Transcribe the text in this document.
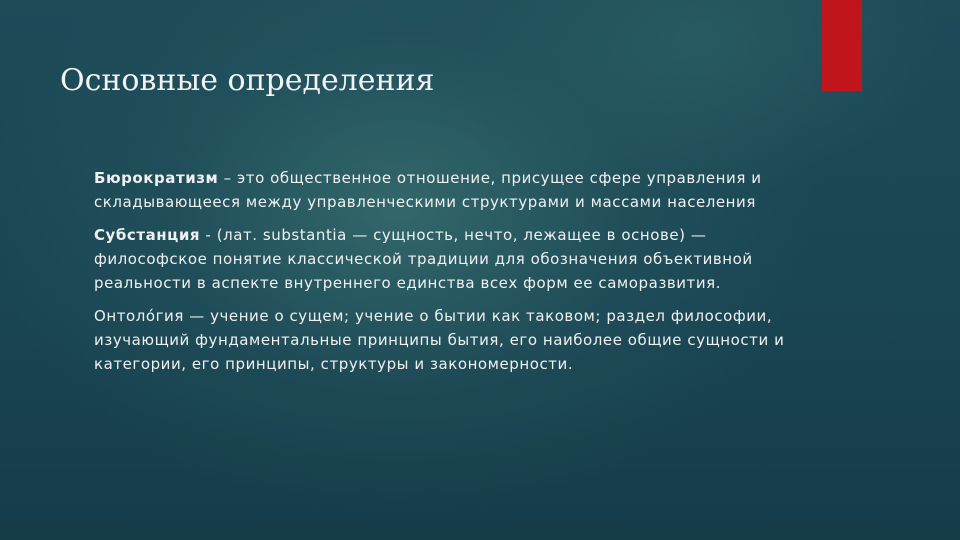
Основные определения

Бюрократизм – это общественное отношение, присущее сфере управления и складывающееся между управленческими структурами и массами населения

Субстанция - (лат. substantia — сущность, нечто, лежащее в основе) — философское понятие классической традиции для обозначения объективной реальности в аспекте внутреннего единства всех форм ее саморазвития.

Онтоло́гия — учение о сущем; учение о бытии как таковом; раздел философии, изучающий фундаментальные принципы бытия, его наиболее общие сущности и категории, его принципы, структуры и закономерности.
